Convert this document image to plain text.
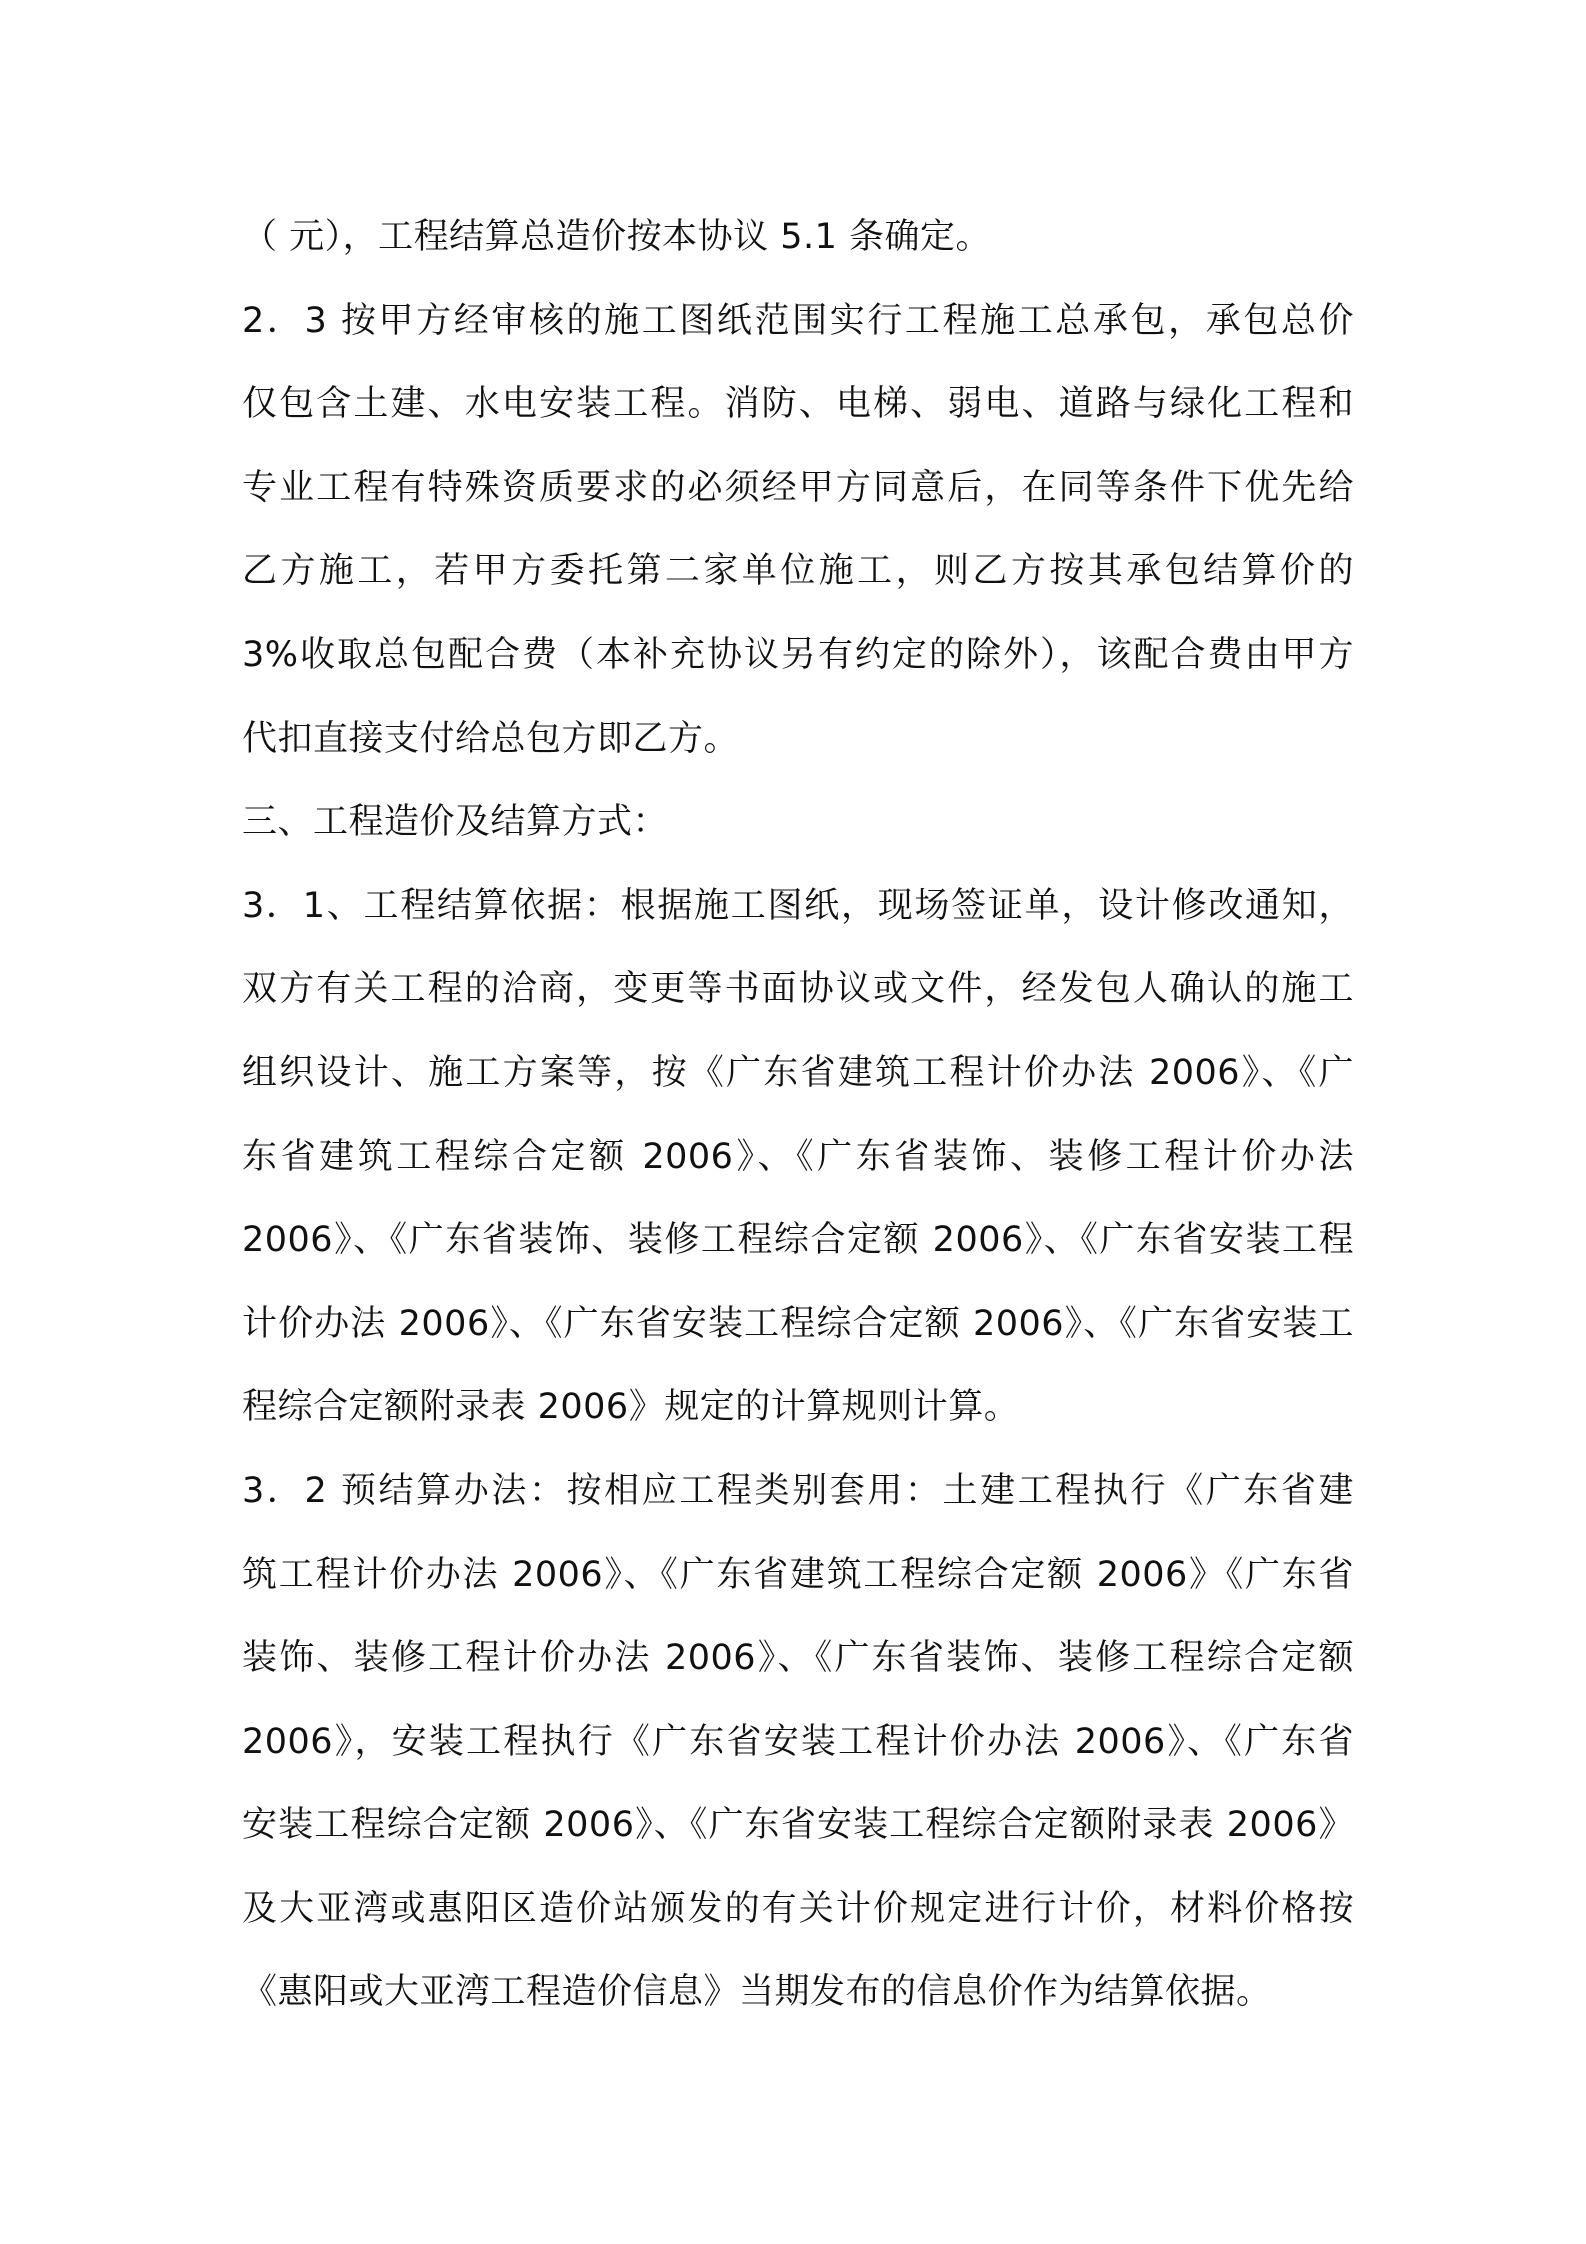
（ 元），工程结算总造价按本协议 5.1 条确定。
2．3 按甲方经审核的施工图纸范围实行工程施工总承包，承包总价
仅包含土建、水电安装工程。消防、电梯、弱电、道路与绿化工程和
专业工程有特殊资质要求的必须经甲方同意后，在同等条件下优先给
乙方施工，若甲方委托第二家单位施工，则乙方按其承包结算价的
3%收取总包配合费（本补充协议另有约定的除外），该配合费由甲方
代扣直接支付给总包方即乙方。
三、工程造价及结算方式：
3．1、工程结算依据：根据施工图纸，现场签证单，设计修改通知，
双方有关工程的洽商，变更等书面协议或文件，经发包人确认的施工
组织设计、施工方案等，按《广东省建筑工程计价办法 2006》、《广
东省建筑工程综合定额 2006》、《广东省装饰、装修工程计价办法
2006》、《广东省装饰、装修工程综合定额 2006》、《广东省安装工程
计价办法 2006》、《广东省安装工程综合定额 2006》、《广东省安装工
程综合定额附录表 2006》规定的计算规则计算。
3．2 预结算办法：按相应工程类别套用：土建工程执行《广东省建
筑工程计价办法 2006》、《广东省建筑工程综合定额 2006》《广东省
装饰、装修工程计价办法 2006》、《广东省装饰、装修工程综合定额
2006》，安装工程执行《广东省安装工程计价办法 2006》、《广东省
安装工程综合定额 2006》、《广东省安装工程综合定额附录表 2006》
及大亚湾或惠阳区造价站颁发的有关计价规定进行计价，材料价格按
《惠阳或大亚湾工程造价信息》当期发布的信息价作为结算依据。
